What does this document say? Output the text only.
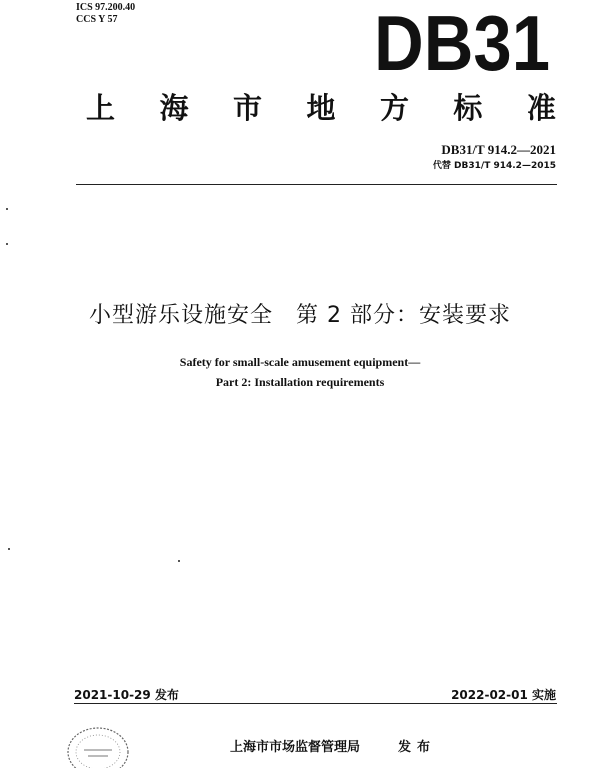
ICS 97.200.40
CCS Y 57	DB31
上 海 市 地 方 标 准
DB31/T 914.2—2021
代替 DB31/T 914.2—2015
小型游乐设施安全　第 2 部分：安装要求
Safety for small-scale amusement equipment—
Part 2: Installation requirements
2021-10-29 发布	2022-02-01 实施
上海市市场监督管理局	发布
